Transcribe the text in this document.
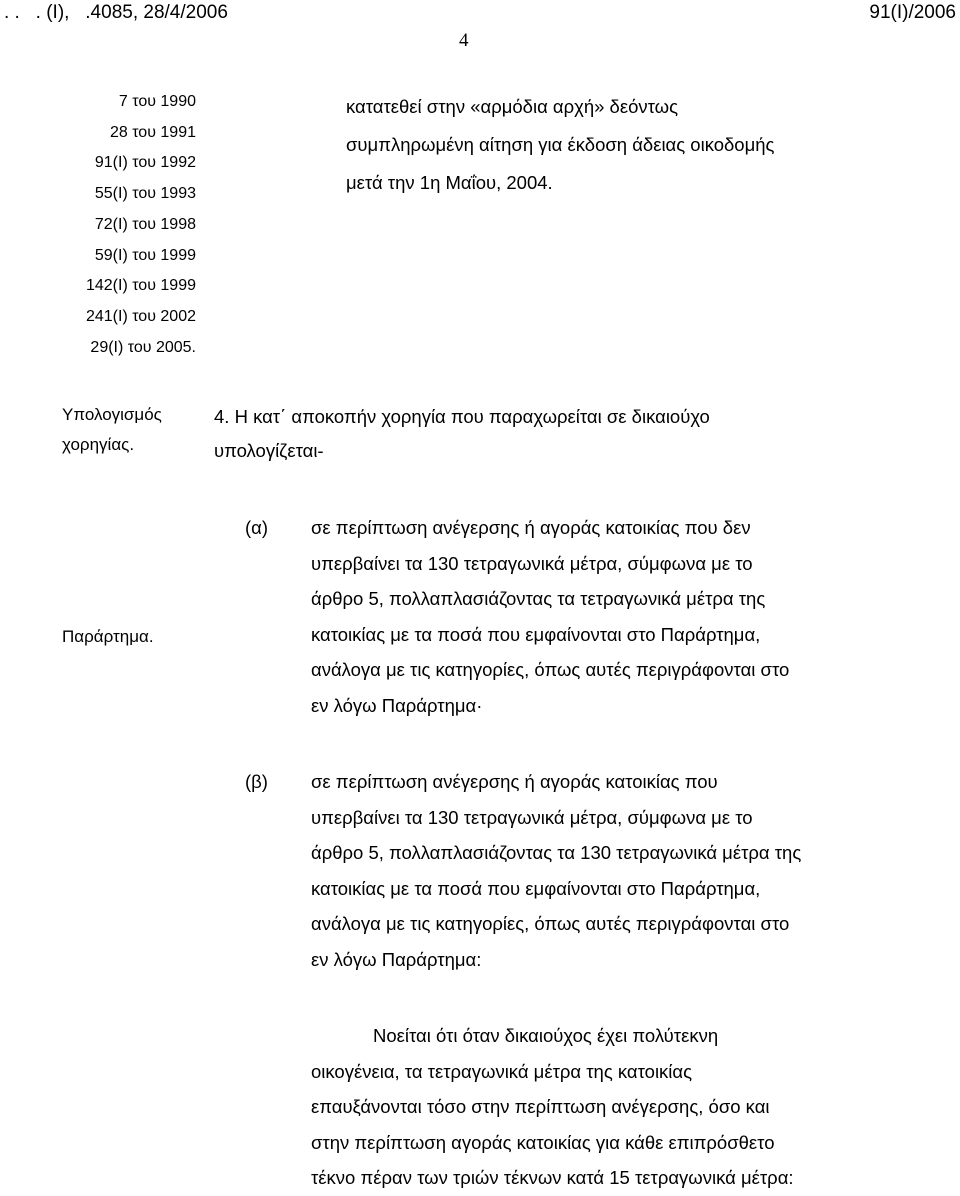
. .   . (I),   .4085, 28/4/2006	91(I)/2006
4
7 του 1990
28 του 1991
91(I) του 1992
55(I) του 1993
72(I) του 1998
59(I) του 1999
142(I) του 1999
241(I) του 2002
29(I) του 2005.
κατατεθεί στην «αρμόδια αρχή» δεόντως
συμπληρωμένη αίτηση για έκδοση άδειας οικοδομής
μετά την 1η Μαΐου, 2004.
Υπολογισμός
χορηγίας.
4. Η κατ΄ αποκοπήν χορηγία που παραχωρείται σε δικαιούχο
υπολογίζεται-
Παράρτημα.
(α) σε περίπτωση ανέγερσης ή αγοράς κατοικίας που δεν
υπερβαίνει τα 130 τετραγωνικά μέτρα, σύμφωνα με το
άρθρο 5, πολλαπλασιάζοντας τα τετραγωνικά μέτρα της
κατοικίας με τα ποσά που εμφαίνονται στο Παράρτημα,
ανάλογα με τις κατηγορίες, όπως αυτές περιγράφονται στο
εν λόγω Παράρτημα·
(β) σε περίπτωση ανέγερσης ή αγοράς κατοικίας που
υπερβαίνει τα 130 τετραγωνικά μέτρα, σύμφωνα με το
άρθρο 5, πολλαπλασιάζοντας τα 130 τετραγωνικά μέτρα της
κατοικίας με τα ποσά που εμφαίνονται στο Παράρτημα,
ανάλογα με τις κατηγορίες, όπως αυτές περιγράφονται στο
εν λόγω Παράρτημα:
Νοείται ότι όταν δικαιούχος έχει πολύτεκνη
οικογένεια, τα τετραγωνικά μέτρα της κατοικίας
επαυξάνονται τόσο στην περίπτωση ανέγερσης, όσο και
στην περίπτωση αγοράς κατοικίας για κάθε επιπρόσθετο
τέκνο πέραν των τριών τέκνων κατά 15 τετραγωνικά μέτρα:
